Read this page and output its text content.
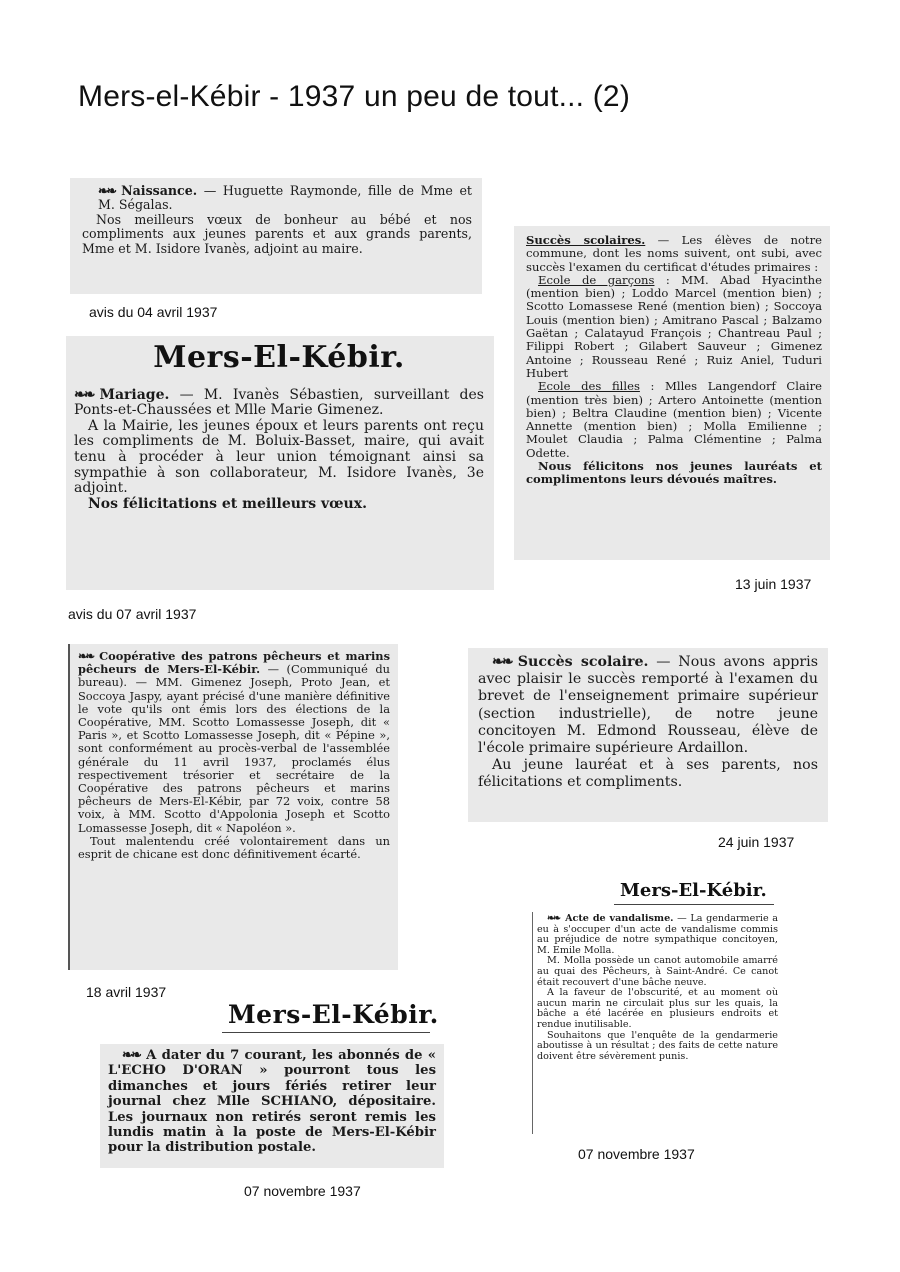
Mers-el-Kébir - 1937 un peu de tout... (2)

❧❧ Naissance. — Huguette Raymonde, fille de Mme et M. Ségalas.

Nos meilleurs vœux de bonheur au bébé et nos compliments aux jeunes parents et aux grands parents, Mme et M. Isidore Ivanès, adjoint au maire.

avis du 04 avril 1937
Mers-El-Kébir.

❧❧ Mariage. — M. Ivanès Sébastien, surveillant des Ponts-et-Chaussées et Mlle Marie Gimenez.

A la Mairie, les jeunes époux et leurs parents ont reçu les compliments de M. Boluix-Basset, maire, qui avait tenu à procéder à leur union témoignant ainsi sa sympathie à son collaborateur, M. Isidore Ivanès, 3e adjoint.

Nos félicitations et meilleurs vœux.

avis du 07 avril 1937

Succès scolaires. — Les élèves de notre commune, dont les noms suivent, ont subi, avec succès l'examen du certificat d'études primaires :

Ecole de garçons : MM. Abad Hyacinthe (mention bien) ; Loddo Marcel (mention bien) ; Scotto Lomassese René (mention bien) ; Soccoya Louis (mention bien) ; Amitrano Pascal ; Balzamo Gaëtan ; Calatayud François ; Chantreau Paul ; Filippi Robert ; Gilabert Sauveur ; Gimenez Antoine ; Rousseau René ; Ruiz Aniel, Tuduri Hubert

Ecole des filles : Mlles Langendorf Claire (mention très bien) ; Artero Antoinette (mention bien) ; Beltra Claudine (mention bien) ; Vicente Annette (mention bien) ; Molla Emilienne ; Moulet Claudia ; Palma Clémentine ; Palma Odette.

Nous félicitons nos jeunes lauréats et complimentons leurs dévoués maîtres.

13 juin 1937

❧❧ Coopérative des patrons pêcheurs et marins pêcheurs de Mers-El-Kébir. — (Communiqué du bureau). — MM. Gimenez Joseph, Proto Jean, et Soccoya Jaspy, ayant précisé d'une manière définitive le vote qu'ils ont émis lors des élections de la Coopérative, MM. Scotto Lomassesse Joseph, dit « Paris », et Scotto Lomassesse Joseph, dit « Pépine », sont conformément au procès-verbal de l'assemblée générale du 11 avril 1937, proclamés élus respectivement trésorier et secrétaire de la Coopérative des patrons pêcheurs et marins pêcheurs de Mers-El-Kébir, par 72 voix, contre 58 voix, à MM. Scotto d'Appolonia Joseph et Scotto Lomassesse Joseph, dit « Napoléon ».

Tout malentendu créé volontairement dans un esprit de chicane est donc définitivement écarté.

18 avril 1937

❧❧ Succès scolaire. — Nous avons appris avec plaisir le succès remporté à l'examen du brevet de l'enseignement primaire supérieur (section industrielle), de notre jeune concitoyen M. Edmond Rousseau, élève de l'école primaire supérieure Ardaillon.

Au jeune lauréat et à ses parents, nos félicitations et compliments.

24 juin 1937
Mers-El-Kébir.

❧❧ A dater du 7 courant, les abonnés de « L'ECHO D'ORAN » pourront tous les dimanches et jours fériés retirer leur journal chez Mlle SCHIANO, dépositaire. Les journaux non retirés seront remis les lundis matin à la poste de Mers-El-Kébir pour la distribution postale.

07 novembre 1937
Mers-El-Kébir.

❧❧ Acte de vandalisme. — La gendarmerie a eu à s'occuper d'un acte de vandalisme commis au préjudice de notre sympathique concitoyen, M. Emile Molla.

M. Molla possède un canot automobile amarré au quai des Pêcheurs, à Saint-André. Ce canot était recouvert d'une bâche neuve.

A la faveur de l'obscurité, et au moment où aucun marin ne circulait plus sur les quais, la bâche a été lacérée en plusieurs endroits et rendue inutilisable.

Souhaitons que l'enquête de la gendarmerie aboutisse à un résultat ; des faits de cette nature doivent être sévèrement punis.

07 novembre 1937
